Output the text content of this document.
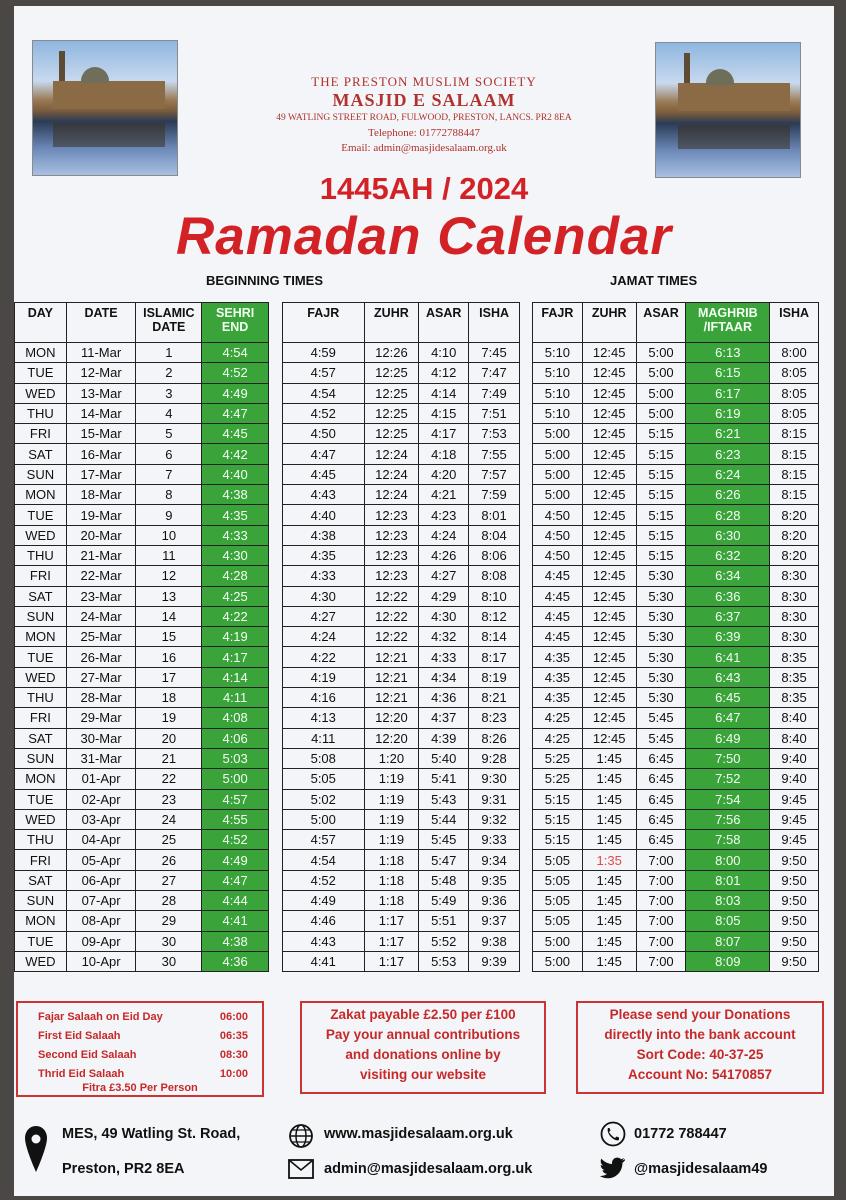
THE PRESTON MUSLIM SOCIETY
MASJID E SALAAM
49 WATLING STREET ROAD, FULWOOD, PRESTON, LANCS. PR2 8EA
Telephone: 01772788447
Email: admin@masjidesalaam.org.uk
1445AH / 2024
Ramadan Calendar
BEGINNING TIMES	JAMAT TIMES
DAY	DATE	ISLAMIC DATE	SEHRI END
MON	11-Mar	1	4:54
TUE	12-Mar	2	4:52
WED	13-Mar	3	4:49
THU	14-Mar	4	4:47
FRI	15-Mar	5	4:45
SAT	16-Mar	6	4:42
SUN	17-Mar	7	4:40
MON	18-Mar	8	4:38
TUE	19-Mar	9	4:35
WED	20-Mar	10	4:33
THU	21-Mar	11	4:30
FRI	22-Mar	12	4:28
SAT	23-Mar	13	4:25
SUN	24-Mar	14	4:22
MON	25-Mar	15	4:19
TUE	26-Mar	16	4:17
WED	27-Mar	17	4:14
THU	28-Mar	18	4:11
FRI	29-Mar	19	4:08
SAT	30-Mar	20	4:06
SUN	31-Mar	21	5:03
MON	01-Apr	22	5:00
TUE	02-Apr	23	4:57
WED	03-Apr	24	4:55
THU	04-Apr	25	4:52
FRI	05-Apr	26	4:49
SAT	06-Apr	27	4:47
SUN	07-Apr	28	4:44
MON	08-Apr	29	4:41
TUE	09-Apr	30	4:38
WED	10-Apr	30	4:36
FAJR	ZUHR	ASAR	ISHA
4:59	12:26	4:10	7:45
4:57	12:25	4:12	7:47
4:54	12:25	4:14	7:49
4:52	12:25	4:15	7:51
4:50	12:25	4:17	7:53
4:47	12:24	4:18	7:55
4:45	12:24	4:20	7:57
4:43	12:24	4:21	7:59
4:40	12:23	4:23	8:01
4:38	12:23	4:24	8:04
4:35	12:23	4:26	8:06
4:33	12:23	4:27	8:08
4:30	12:22	4:29	8:10
4:27	12:22	4:30	8:12
4:24	12:22	4:32	8:14
4:22	12:21	4:33	8:17
4:19	12:21	4:34	8:19
4:16	12:21	4:36	8:21
4:13	12:20	4:37	8:23
4:11	12:20	4:39	8:26
5:08	1:20	5:40	9:28
5:05	1:19	5:41	9:30
5:02	1:19	5:43	9:31
5:00	1:19	5:44	9:32
4:57	1:19	5:45	9:33
4:54	1:18	5:47	9:34
4:52	1:18	5:48	9:35
4:49	1:18	5:49	9:36
4:46	1:17	5:51	9:37
4:43	1:17	5:52	9:38
4:41	1:17	5:53	9:39
FAJR	ZUHR	ASAR	MAGHRIB /IFTAAR	ISHA
5:10	12:45	5:00	6:13	8:00
5:10	12:45	5:00	6:15	8:05
5:10	12:45	5:00	6:17	8:05
5:10	12:45	5:00	6:19	8:05
5:00	12:45	5:15	6:21	8:15
5:00	12:45	5:15	6:23	8:15
5:00	12:45	5:15	6:24	8:15
5:00	12:45	5:15	6:26	8:15
4:50	12:45	5:15	6:28	8:20
4:50	12:45	5:15	6:30	8:20
4:50	12:45	5:15	6:32	8:20
4:45	12:45	5:30	6:34	8:30
4:45	12:45	5:30	6:36	8:30
4:45	12:45	5:30	6:37	8:30
4:45	12:45	5:30	6:39	8:30
4:35	12:45	5:30	6:41	8:35
4:35	12:45	5:30	6:43	8:35
4:35	12:45	5:30	6:45	8:35
4:25	12:45	5:45	6:47	8:40
4:25	12:45	5:45	6:49	8:40
5:25	1:45	6:45	7:50	9:40
5:25	1:45	6:45	7:52	9:40
5:15	1:45	6:45	7:54	9:45
5:15	1:45	6:45	7:56	9:45
5:15	1:45	6:45	7:58	9:45
5:05	1:35	7:00	8:00	9:50
5:05	1:45	7:00	8:01	9:50
5:05	1:45	7:00	8:03	9:50
5:05	1:45	7:00	8:05	9:50
5:00	1:45	7:00	8:07	9:50
5:00	1:45	7:00	8:09	9:50
Fajar Salaah on Eid Day	06:00
First Eid Salaah	06:35
Second Eid Salaah	08:30
Thrid Eid Salaah	10:00
Fitra £3.50 Per Person
Zakat payable £2.50 per £100
Pay your annual contributions
and donations online by
visiting our website
Please send your Donations
directly into the bank account
Sort Code: 40-37-25
Account No: 54170857
MES, 49 Watling St. Road,
Preston, PR2 8EA
www.masjidesalaam.org.uk
admin@masjidesalaam.org.uk
01772 788447
@masjidesalaam49
